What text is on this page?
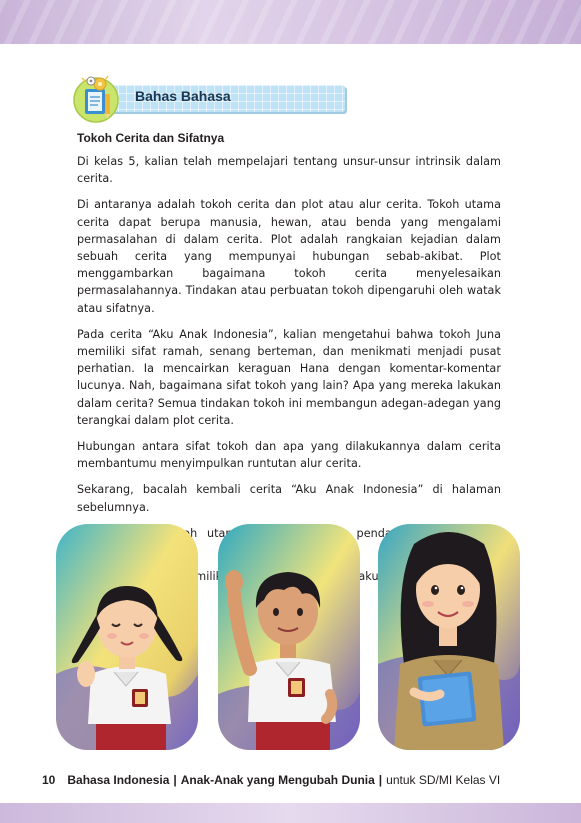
Bahas Bahasa

Tokoh Cerita dan Sifatnya

Di kelas 5, kalian telah mempelajari tentang unsur-unsur intrinsik dalam cerita.

Di antaranya adalah tokoh cerita dan plot atau alur cerita. Tokoh utama cerita dapat berupa manusia, hewan, atau benda yang mengalami permasalahan di dalam cerita. Plot adalah rangkaian kejadian dalam sebuah cerita yang mempunyai hubungan sebab-akibat. Plot menggambarkan bagaimana tokoh cerita menyelesaikan permasalahannya. Tindakan atau perbuatan tokoh dipengaruhi oleh watak atau sifatnya.

Pada cerita “Aku Anak Indonesia”, kalian mengetahui bahwa tokoh Juna memiliki sifat ramah, senang berteman, dan menikmati menjadi pusat perhatian. Ia mencairkan keraguan Hana dengan komentar-komentar lucunya. Nah, bagaimana sifat tokoh yang lain? Apa yang mereka lakukan dalam cerita? Semua tindakan tokoh ini membangun adegan-adegan yang terangkai dalam plot cerita.

Hubungan antara sifat tokoh dan apa yang dilakukannya dalam cerita membantumu menyimpulkan runtutan alur cerita.

Sekarang, bacalah kembali cerita “Aku Anak Indonesia” di halaman sebelumnya.

utama

dimiliki

10 Bahasa Indonesia | Anak-Anak yang Mengubah Dunia | untuk SD/MI Kelas VI
